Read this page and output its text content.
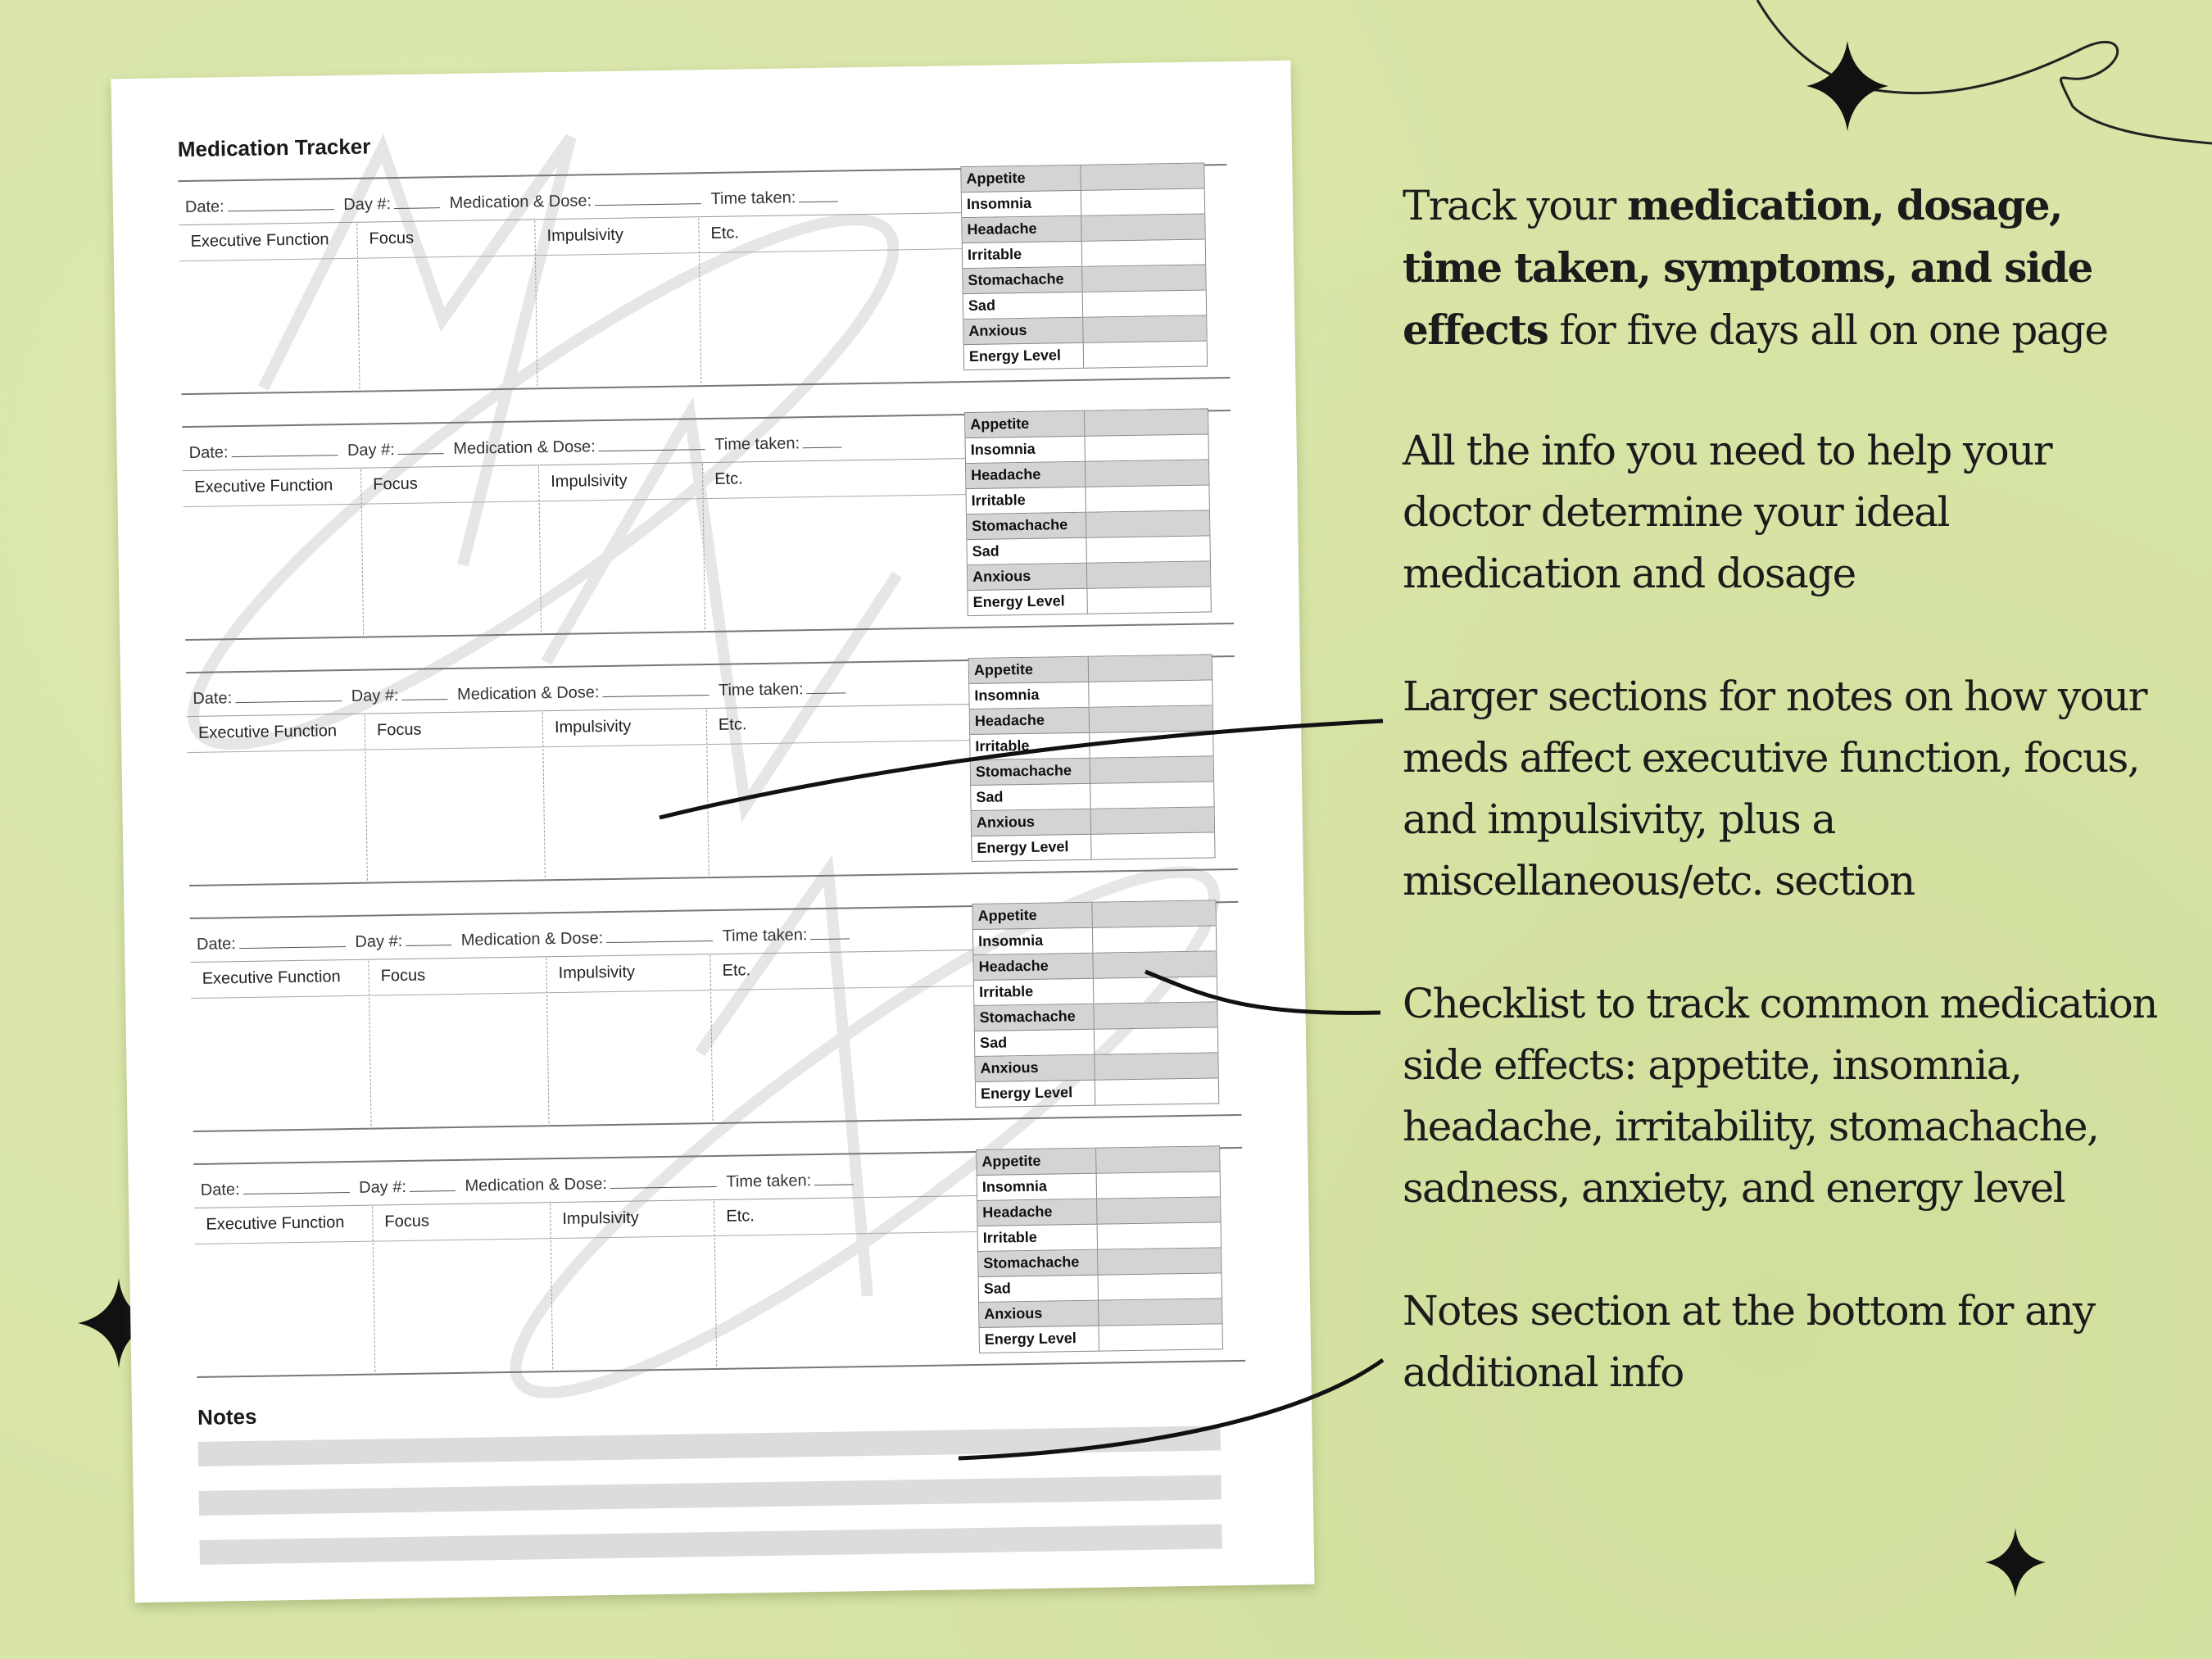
Medication Tracker
Date:	Day #:	Medication & Dose:	Time taken:
Executive Function	Focus	Impulsivity	Etc.
Appetite
Insomnia
Headache
Irritable
Stomachache
Sad
Anxious
Energy Level
Date:	Day #:	Medication & Dose:	Time taken:
Executive Function	Focus	Impulsivity	Etc.
Appetite
Insomnia
Headache
Irritable
Stomachache
Sad
Anxious
Energy Level
Date:	Day #:	Medication & Dose:	Time taken:
Executive Function	Focus	Impulsivity	Etc.
Appetite
Insomnia
Headache
Irritable
Stomachache
Sad
Anxious
Energy Level
Date:	Day #:	Medication & Dose:	Time taken:
Executive Function	Focus	Impulsivity	Etc.
Appetite
Insomnia
Headache
Irritable
Stomachache
Sad
Anxious
Energy Level
Date:	Day #:	Medication & Dose:	Time taken:
Executive Function	Focus	Impulsivity	Etc.
Appetite
Insomnia
Headache
Irritable
Stomachache
Sad
Anxious
Energy Level
Notes
Track your medication, dosage, time taken, symptoms, and side effects for five days all on one page
All the info you need to help your doctor determine your ideal medication and dosage
Larger sections for notes on how your meds affect executive function, focus, and impulsivity, plus a miscellaneous/etc. section
Checklist to track common medication side effects: appetite, insomnia, headache, irritability, stomachache, sadness, anxiety, and energy level
Notes section at the bottom for any additional info
